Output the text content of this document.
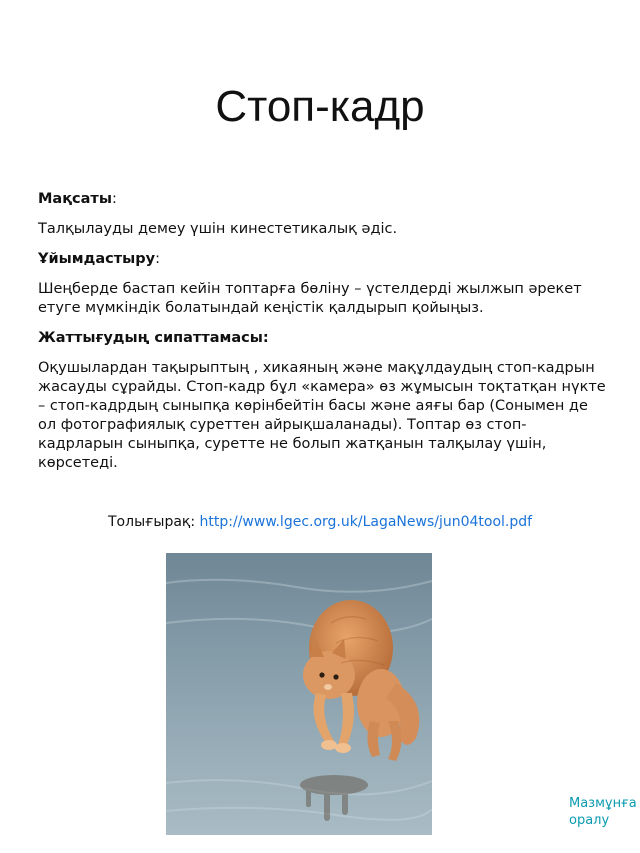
Стоп-кадр

Мақсаты:

Талқылауды демеу үшін кинестетикалық әдіс.

Ұйымдастыру:

Шеңберде бастап кейін топтарға бөліну – үстелдерді жылжып әрекет етуге мүмкіндік болатындай кеңістік қалдырып қойыңыз.

Жаттығудың сипаттамасы:

Оқушылардан тақырыптың , хикаяның және мақұлдаудың стоп-кадрын жасауды сұрайды. Стоп-кадр бұл «камера» өз жұмысын тоқтатқан нүкте – стоп-кадрдың сыныпқа көрінбейтін басы және аяғы бар (Сонымен де ол фотографиялық суреттен айрықшаланады). Топтар өз стоп-кадрларын сыныпқа, суретте не болып жатқанын талқылау үшін, көрсетеді.

Толығырақ: http://www.lgec.org.uk/LagaNews/jun04tool.pdf
Мазмұнға оралу
